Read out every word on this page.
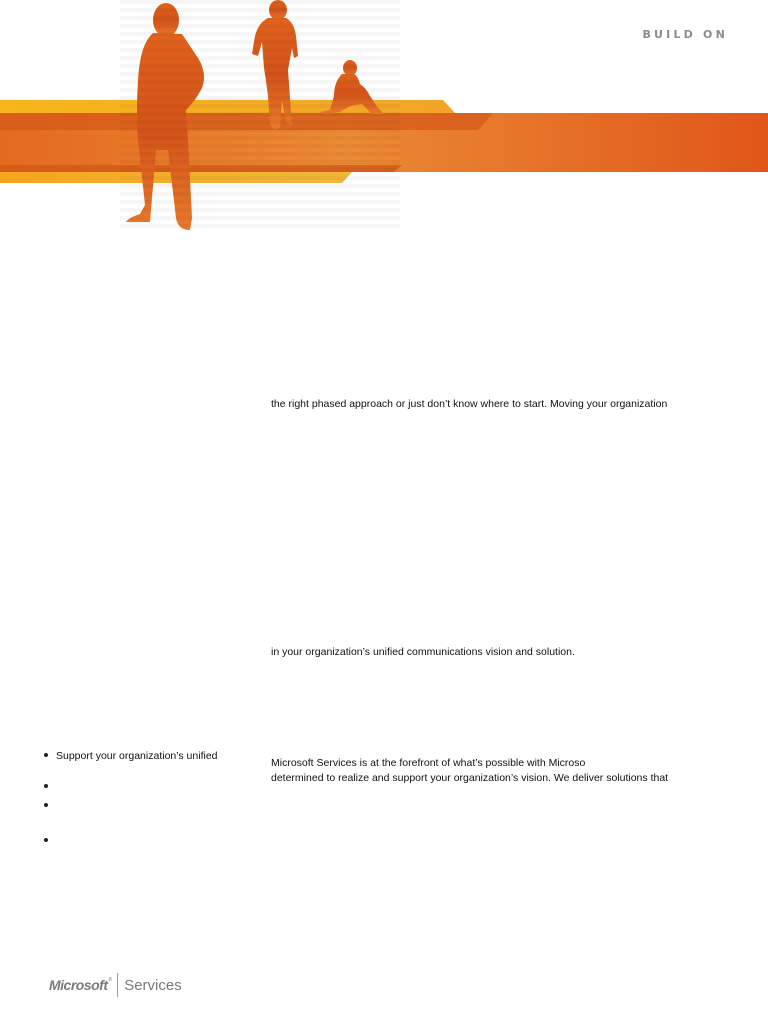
BUILD ON
the right phased approach or just don’t know where to start. Moving your organization
in your organization’s unified communications vision and solution.
Microsoft Services is at the forefront of what’s possible with Microso
determined to realize and support your organization’s vision. We deliver solutions that
Support your organization’s unified
Microsoft ® Services
